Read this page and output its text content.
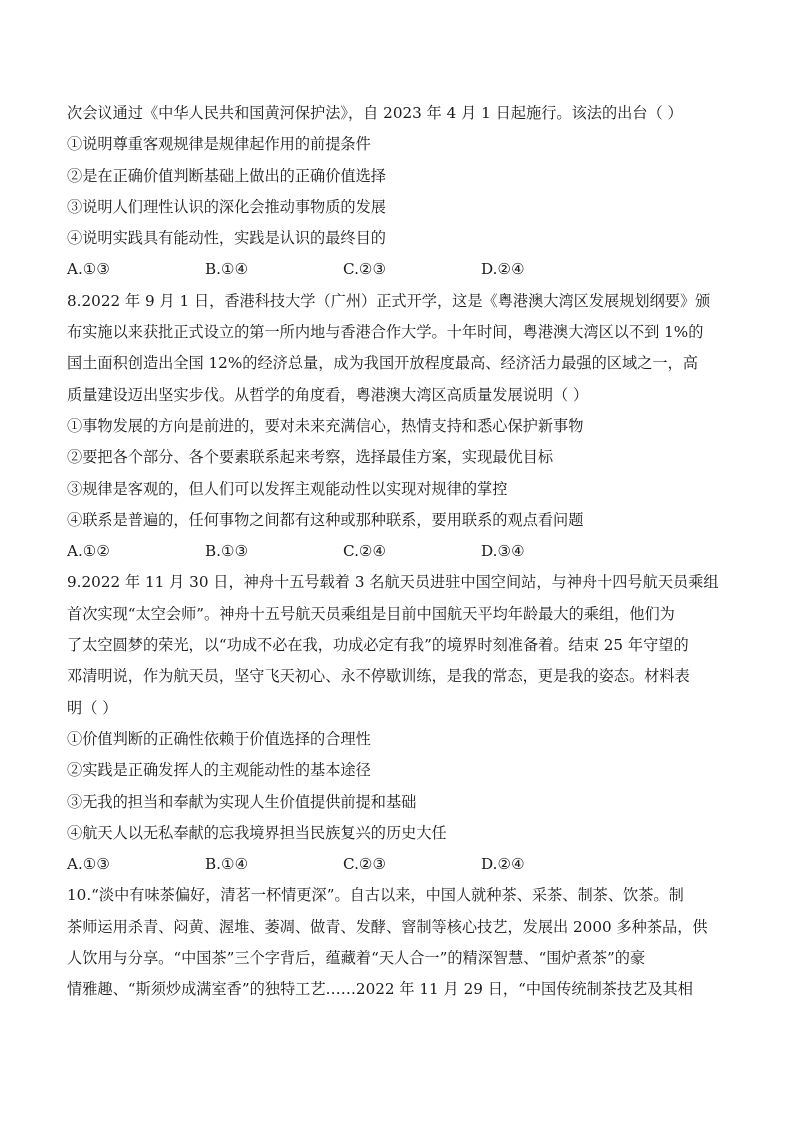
次会议通过《中华人民共和国黄河保护法》，自 2023 年 4 月 1 日起施行。该法的出台（ ）
①说明尊重客观规律是规律起作用的前提条件
②是在正确价值判断基础上做出的正确价值选择
③说明人们理性认识的深化会推动事物质的发展
④说明实践具有能动性，实践是认识的最终目的
A.①③	B.①④	C.②③	D.②④
8.2022 年 9 月 1 日，香港科技大学（广州）正式开学，这是《粤港澳大湾区发展规划纲要》颁
布实施以来获批正式设立的第一所内地与香港合作大学。十年时间，粤港澳大湾区以不到 1%的
国土面积创造出全国 12%的经济总量，成为我国开放程度最高、经济活力最强的区域之一，高
质量建设迈出坚实步伐。从哲学的角度看，粤港澳大湾区高质量发展说明（ ）
①事物发展的方向是前进的，要对未来充满信心，热情支持和悉心保护新事物
②要把各个部分、各个要素联系起来考察，选择最佳方案，实现最优目标
③规律是客观的，但人们可以发挥主观能动性以实现对规律的掌控
④联系是普遍的，任何事物之间都有这种或那种联系，要用联系的观点看问题
A.①②	B.①③	C.②④	D.③④
9.2022 年 11 月 30 日，神舟十五号载着 3 名航天员进驻中国空间站，与神舟十四号航天员乘组
首次实现“太空会师”。神舟十五号航天员乘组是目前中国航天平均年龄最大的乘组，他们为
了太空圆梦的荣光，以“功成不必在我，功成必定有我”的境界时刻准备着。结束 25 年守望的
邓清明说，作为航天员，坚守飞天初心、永不停歇训练，是我的常态，更是我的姿态。材料表
明（ ）
①价值判断的正确性依赖于价值选择的合理性
②实践是正确发挥人的主观能动性的基本途径
③无我的担当和奉献为实现人生价值提供前提和基础
④航天人以无私奉献的忘我境界担当民族复兴的历史大任
A.①③	B.①④	C.②③	D.②④
10.“淡中有味茶偏好，清茗一杯情更深”。自古以来，中国人就种茶、采茶、制茶、饮茶。制
茶师运用杀青、闷黄、渥堆、萎凋、做青、发酵、窨制等核心技艺，发展出 2000 多种茶品，供
人饮用与分享。“中国茶”三个字背后，蕴藏着“天人合一”的精深智慧、“围炉煮茶”的豪
情雅趣、“斯须炒成满室香”的独特工艺……2022 年 11 月 29 日，“中国传统制茶技艺及其相
